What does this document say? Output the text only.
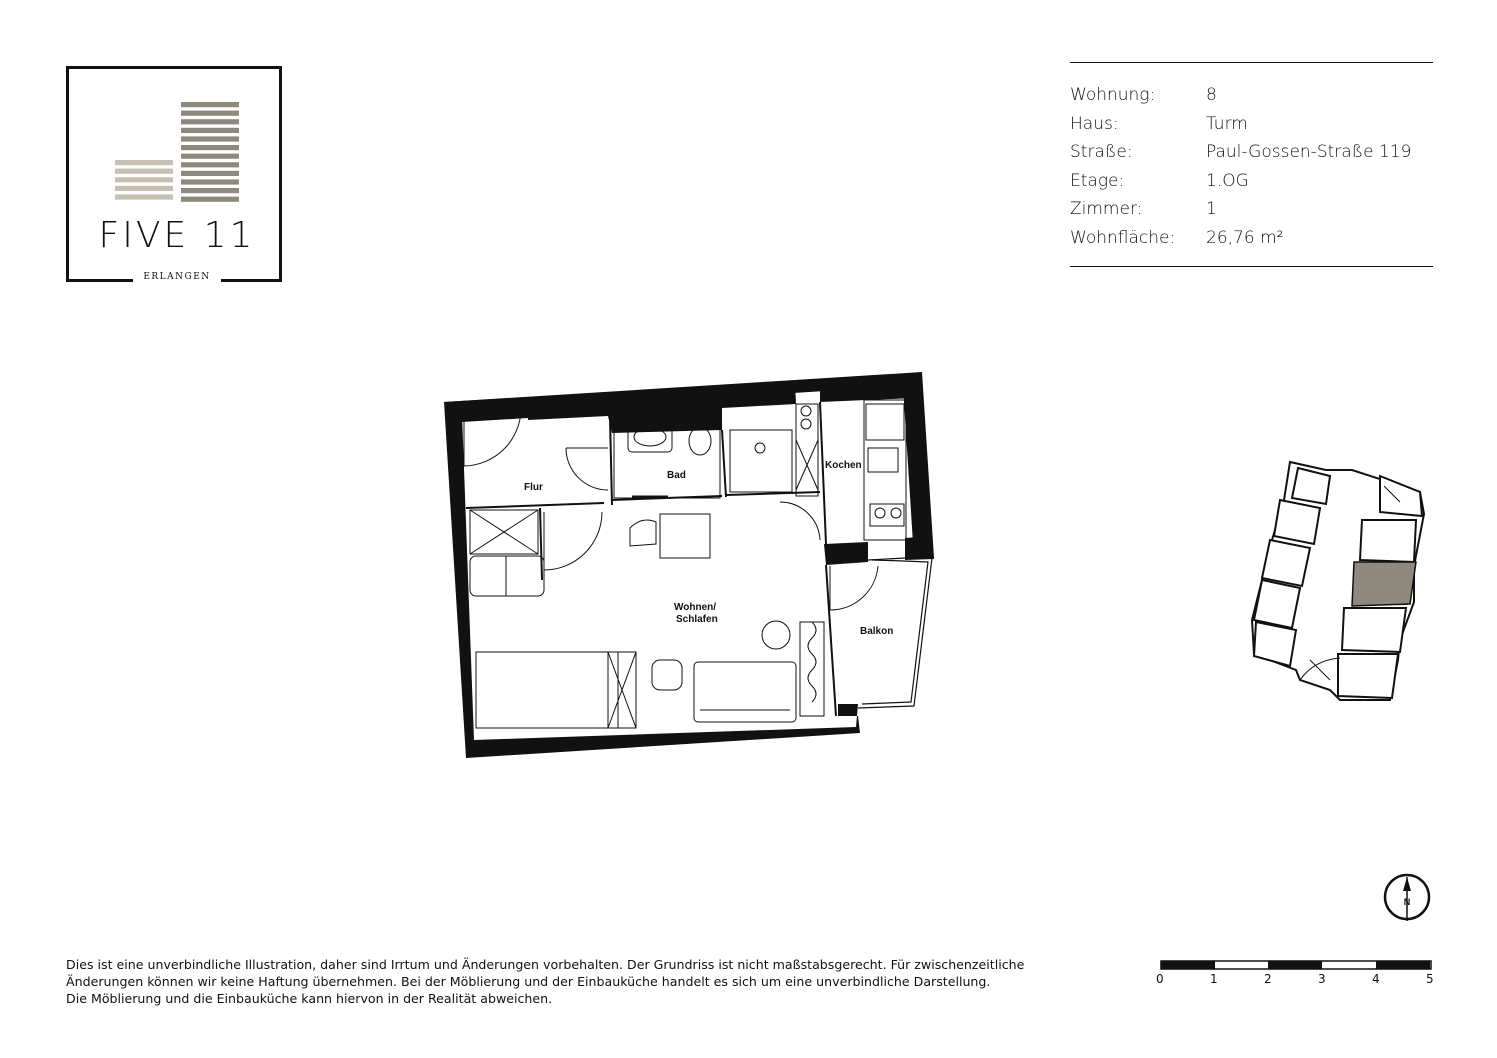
FIVE 11
ERLANGEN
Wohnung:	8
Haus:	Turm
Straße:	Paul-Gossen-Straße 119
Etage:	1.OG
Zimmer:	1
Wohnfläche:	26,76 m²
Flur
Bad
Kochen
Wohnen/
Schlafen
Balkon
N
0	1	2	3	4	5
Dies ist eine unverbindliche Illustration, daher sind Irrtum und Änderungen vorbehalten. Der Grundriss ist nicht maßstabsgerecht. Für zwischenzeitliche
Änderungen können wir keine Haftung übernehmen. Bei der Möblierung und der Einbauküche handelt es sich um eine unverbindliche Darstellung.
Die Möblierung und die Einbauküche kann hiervon in der Realität abweichen.
